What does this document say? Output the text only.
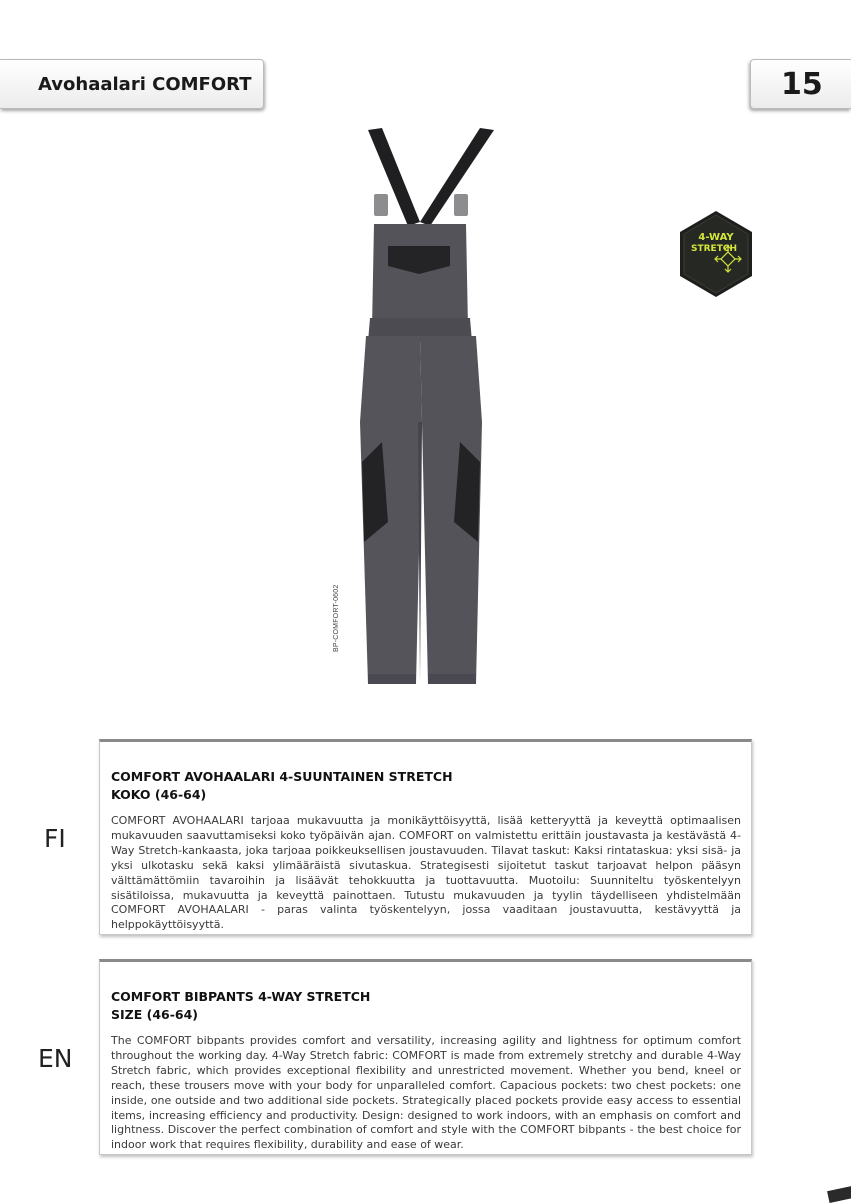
Avohaalari COMFORT	15
BP-COMFORT-0602
4-WAY
STRETCH
FI
COMFORT AVOHAALARI 4-SUUNTAINEN STRETCH
KOKO (46-64)
COMFORT AVOHAALARI tarjoaa mukavuutta ja monikäyttöisyyttä, lisää ketteryyttä ja keveyttä optimaalisen mukavuuden saavuttamiseksi koko työpäivän ajan. COMFORT on valmistettu erittäin joustavasta ja kestävästä 4-Way Stretch-kankaasta, joka tarjoaa poikkeuksellisen joustavuuden. Tilavat taskut: Kaksi rintataskua: yksi sisä- ja yksi ulkotasku sekä kaksi ylimääräistä sivutaskua. Strategisesti sijoitetut taskut tarjoavat helpon pääsyn välttämättömiin tavaroihin ja lisäävät tehokkuutta ja tuottavuutta. Muotoilu: Suunniteltu työskentelyyn sisätiloissa, mukavuutta ja keveyttä painottaen. Tutustu mukavuuden ja tyylin täydelliseen yhdistelmään COMFORT AVOHAALARI - paras valinta työskentelyyn, jossa vaaditaan joustavuutta, kestävyyttä ja helppokäyttöisyyttä.
EN
COMFORT BIBPANTS 4-WAY STRETCH
SIZE (46-64)
The COMFORT bibpants provides comfort and versatility, increasing agility and lightness for optimum comfort throughout the working day. 4-Way Stretch fabric: COMFORT is made from extremely stretchy and durable 4-Way Stretch fabric, which provides exceptional flexibility and unrestricted movement. Whether you bend, kneel or reach, these trousers move with your body for unparalleled comfort. Capacious pockets: two chest pockets: one inside, one outside and two additional side pockets. Strategically placed pockets provide easy access to essential items, increasing efficiency and productivity. Design: designed to work indoors, with an emphasis on comfort and lightness. Discover the perfect combination of comfort and style with the COMFORT bibpants - the best choice for indoor work that requires flexibility, durability and ease of wear.
